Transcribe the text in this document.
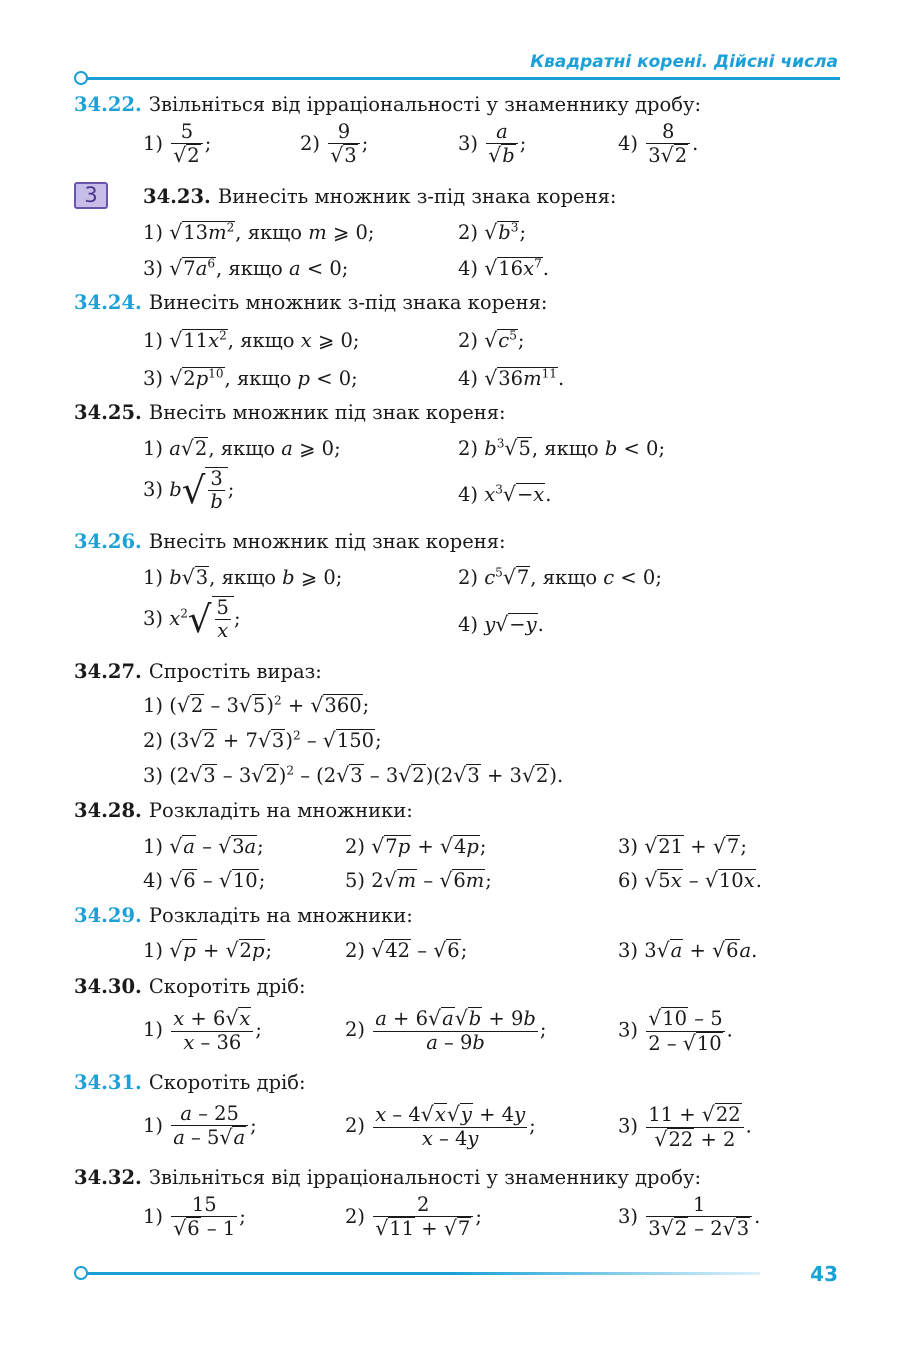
Квадратні корені. Дійсні числа
34.22. Звільніться від ірраціональності у знаменнику дробу:
$1) \frac{5}{√2}$ ;	$2) \frac{9}{√3}$ ;	$3) \frac{a}{√b}$ ;	$4) \frac{8}{3√2}$ .
3	34.23. Винесіть множник з-під знака кореня:
1) $√13m^2$, якщо m ⩾ 0;	2) $√b^3$;
3) $√7a^6$, якщо a < 0;	4) $√16x^7$.
34.24. Винесіть множник з-під знака кореня:
1) $√11x^2$, якщо x ⩾ 0;	2) $√c^5$;
3) $√2p^{10}$, якщо p < 0;	4) $√36m^{11}$.
34.25. Внесіть множник під знак кореня:
1) a√2, якщо a ⩾ 0;	2) $b^3√5$, якщо b < 0;
3) $b√ \frac{3}{b}$ ;	4) $x^3√-x$.
34.26. Внесіть множник під знак кореня:
1) b√3, якщо b ⩾ 0;	2) $c^5√7$, якщо c < 0;
3) $x^2√ \frac{5}{x}$ ;	4) y√−y.
34.27. Спростіть вираз:
1) (√2 – 3√5)$^2$ + √360;
2) $(3√2 + 7√3)^2 - √150$;
3) (2√3 – 3√2)$^2$ – (2√3 – 3√2)(2√3 + 3√2).
34.28. Розкладіть на множники:
1) √a – √3a;	2) √7p + √4p;	3) √21 + √7;
4) √6 – √10;	5) 2√m – √6m;	6) √5x – √10x.
34.29. Розкладіть на множники:
1) √p + √2p;	2) √42 – √6;	3) 3√a + √6a.
34.30. Скоротіть дріб:
$1) \frac{x + 6√x}{x - 36}$ ;	$2) \frac{a + 6√a√b + 9b}{a - 9b}$ ;	$3) \frac{√10 - 5}{2 - √10}$ .
34.31. Скоротіть дріб:
$1) \frac{a - 25}{a - 5√a}$ ;	$2) \frac{x - 4√x√y + 4y}{x - 4y}$ ;	$3) \frac{11 + √22}{√22 + 2}$ .
34.32. Звільніться від ірраціональності у знаменнику дробу:
$1) \frac{15}{√6 - 1}$ ;	$2) \frac{2}{√11 + √7}$ ;	$3) \frac{1}{3√2 - 2√3}$ .
43
